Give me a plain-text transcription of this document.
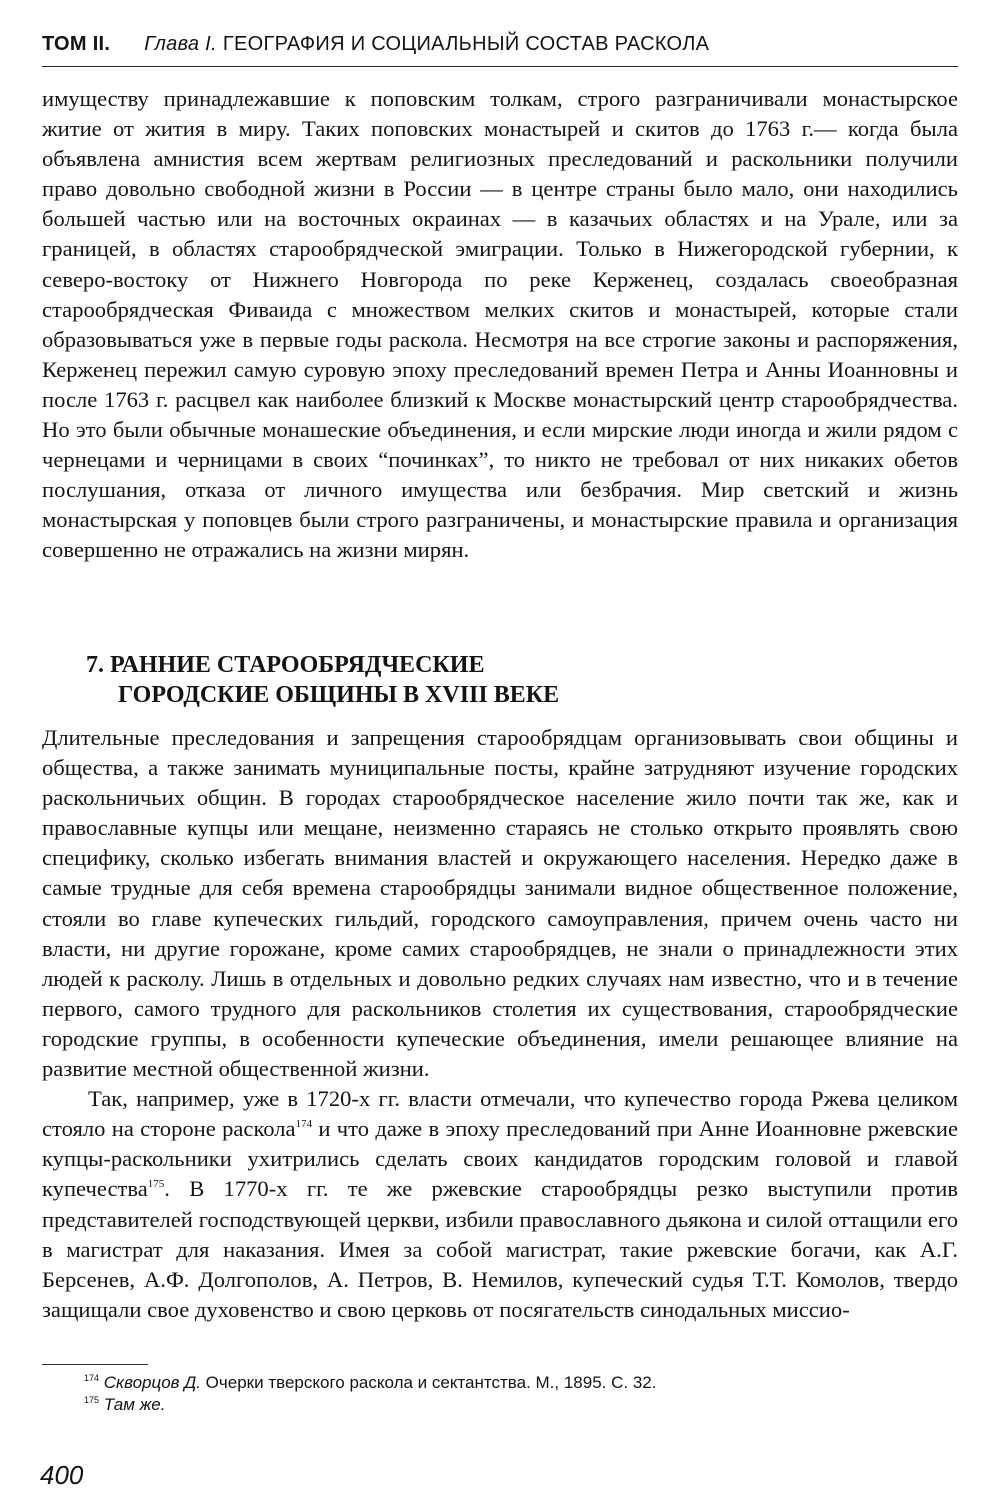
ТОМ II. Глава I. ГЕОГРАФИЯ И СОЦИАЛЬНЫЙ СОСТАВ РАСКОЛА

имуществу принадлежавшие к поповским толкам, строго разграничивали монастырское житие от жития в миру. Таких поповских монастырей и скитов до 1763 г.— когда была объявлена амнистия всем жертвам религиозных преследований и раскольники получили право довольно свободной жизни в России — в центре страны было мало, они находились большей частью или на восточных окраинах — в казачьих областях и на Урале, или за границей, в областях старообрядческой эмиграции. Только в Нижегородской губернии, к северо-востоку от Нижнего Новгорода по реке Керженец, создалась своеобразная старообрядческая Фиваида с множеством мелких скитов и монастырей, которые стали образовываться уже в первые годы раскола. Несмотря на все строгие законы и распоряжения, Керженец пережил самую суровую эпоху преследований времен Петра и Анны Иоанновны и после 1763 г. расцвел как наиболее близкий к Москве монастырский центр старообрядчества. Но это были обычные монашеские объединения, и если мирские люди иногда и жили рядом с чернецами и черницами в своих “починках”, то никто не требовал от них никаких обетов послушания, отказа от личного имущества или безбрачия. Мир светский и жизнь монастырская у поповцев были строго разграничены, и монастырские правила и организация совершенно не отражались на жизни мирян.

7. РАННИЕ СТАРООБРЯДЧЕСКИЕ
ГОРОДСКИЕ ОБЩИНЫ В XVIII ВЕКЕ

Длительные преследования и запрещения старообрядцам организовывать свои общины и общества, а также занимать муниципальные посты, крайне затрудняют изучение городских раскольничьих общин. В городах старообрядческое население жило почти так же, как и православные купцы или мещане, неизменно стараясь не столько открыто проявлять свою специфику, сколько избегать внимания властей и окружающего населения. Нередко даже в самые трудные для себя времена старообрядцы занимали видное общественное положение, стояли во главе купеческих гильдий, городского самоуправления, причем очень часто ни власти, ни другие горожане, кроме самих старообрядцев, не знали о принадлежности этих людей к расколу. Лишь в отдельных и довольно редких случаях нам известно, что и в течение первого, самого трудного для раскольников столетия их существования, старообрядческие городские группы, в особенности купеческие объединения, имели решающее влияние на развитие местной общественной жизни.

Так, например, уже в 1720-х гг. власти отмечали, что купечество города Ржева целиком стояло на стороне раскола$^{174}$ и что даже в эпоху преследований при Анне Иоанновне ржевские купцы-раскольники ухитрились сделать своих кандидатов городским головой и главой купечества$^{175}$. В 1770-х гг. те же ржевские старообрядцы резко выступили против представителей господствующей церкви, избили православного дьякона и силой оттащили его в магистрат для наказания. Имея за собой магистрат, такие ржевские богачи, как А.Г. Берсенев, А.Ф. Долгополов, А. Петров, В. Немилов, купеческий судья Т.Т. Комолов, твердо защищали свое духовенство и свою церковь от посягательств синодальных миссио-

$^{174}$ Скворцов Д. Очерки тверского раскола и сектантства. М., 1895. С. 32.

$^{175}$ Там же.

400
